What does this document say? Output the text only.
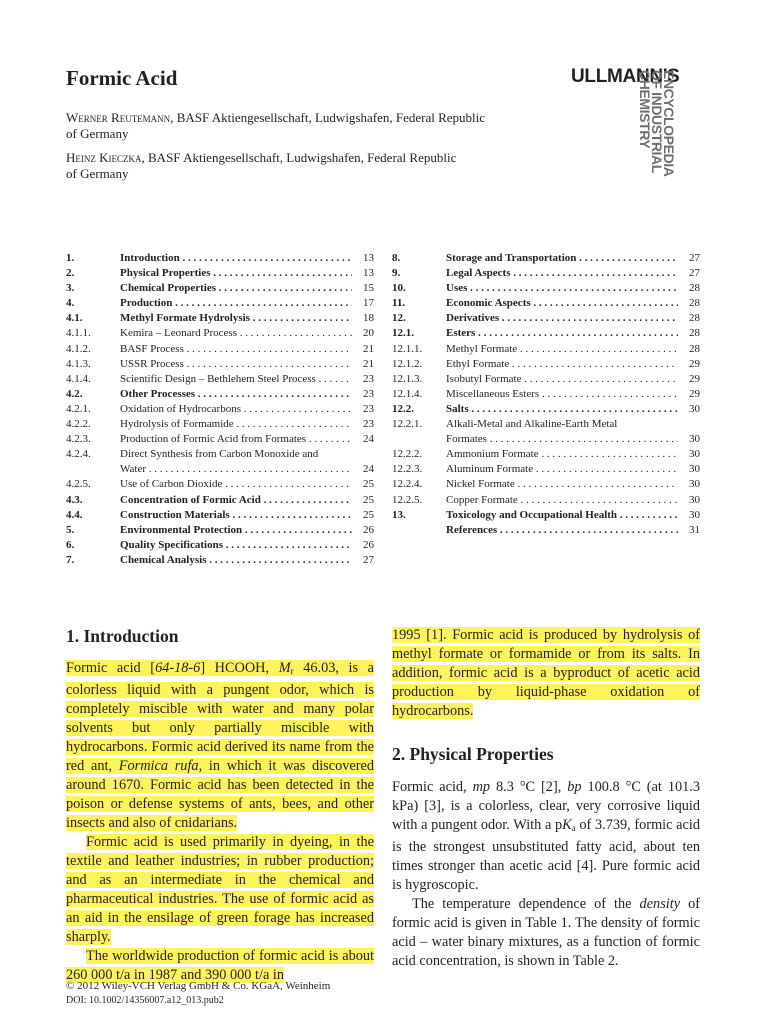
Formic Acid	ULLMANN'S
ENCYCLOPEDIA
OF INDUSTRIAL
CHEMISTRY
Werner Reutemann, BASF Aktiengesellschaft, Ludwigshafen, Federal Republic
of Germany
Heinz Kieczka, BASF Aktiengesellschaft, Ludwigshafen, Federal Republic
of Germany
1.	Introduction . . .	13
2.	Physical Properties . . .	13
3.	Chemical Properties . . .	15
4.	Production . . .	17
4.1.	Methyl Formate Hydrolysis . . .	18
4.1.1.	Kemira – Leonard Process . . .	20
4.1.2.	BASF Process . . .	21
4.1.3.	USSR Process . . .	21
4.1.4.	Scientific Design – Bethlehem Steel Process . . .	23
4.2.	Other Processes . . .	23
4.2.1.	Oxidation of Hydrocarbons . . .	23
4.2.2.	Hydrolysis of Formamide . . .	23
4.2.3.	Production of Formic Acid from Formates . . .	24
4.2.4.	Direct Synthesis from Carbon Monoxide and
Water . . .	24
4.2.5.	Use of Carbon Dioxide . . .	25
4.3.	Concentration of Formic Acid . . .	25
4.4.	Construction Materials . . .	25
5.	Environmental Protection . . .	26
6.	Quality Specifications . . .	26
7.	Chemical Analysis . . .	27
8.	Storage and Transportation . . .	27
9.	Legal Aspects . . .	27
10.	Uses . . .	28
11.	Economic Aspects . . .	28
12.	Derivatives . . .	28
12.1.	Esters . . .	28
12.1.1. Methyl Formate . . .	28
12.1.2. Ethyl Formate . . .	29
12.1.3. Isobutyl Formate . . .	29
12.1.4. Miscellaneous Esters . . .	29
12.2.	Salts . . .	30
12.2.1. Alkali-Metal and Alkaline-Earth Metal
Formates . . .	30
12.2.2. Ammonium Formate . . .	30
12.2.3. Aluminum Formate . . .	30
12.2.4. Nickel Formate . . .	30
12.2.5. Copper Formate . . .	30
13.	Toxicology and Occupational Health . . .	30
References . . .	31
1. Introduction

Formic acid [64-18-6] HCOOH, $M_r$ 46.03, is a colorless liquid with a pungent odor, which is completely miscible with water and many polar solvents but only partially miscible with hydrocarbons. Formic acid derived its name from the red ant, Formica rufa, in which it was discovered around 1670. Formic acid has been detected in the poison or defense systems of ants, bees, and other insects and also of cnidarians.

Formic acid is used primarily in dyeing, in the textile and leather industries; in rubber production; and as an intermediate in the chemical and pharmaceutical industries. The use of formic acid as an aid in the ensilage of green forage has increased sharply.

The worldwide production of formic acid is about 260 000 t/a in 1987 and 390 000 t/a in

1995 [1]. Formic acid is produced by hydrolysis of methyl formate or formamide or from its salts. In addition, formic acid is a byproduct of acetic acid production by liquid-phase oxidation of hydrocarbons.

2. Physical Properties

Formic acid, mp 8.3 °C [2], bp 100.8 °C (at 101.3 kPa) [3], is a colorless, clear, very corrosive liquid with a pungent odor. With a $pK_a$ of 3.739, formic acid is the strongest unsubstituted fatty acid, about ten times stronger than acetic acid [4]. Pure formic acid is hygroscopic.

The temperature dependence of the density of formic acid is given in Table 1. The density of formic acid – water binary mixtures, as a function of formic acid concentration, is shown in Table 2.

© 2012 Wiley-VCH Verlag GmbH & Co. KGaA, Weinheim
DOI: 10.1002/14356007.a12_013.pub2
